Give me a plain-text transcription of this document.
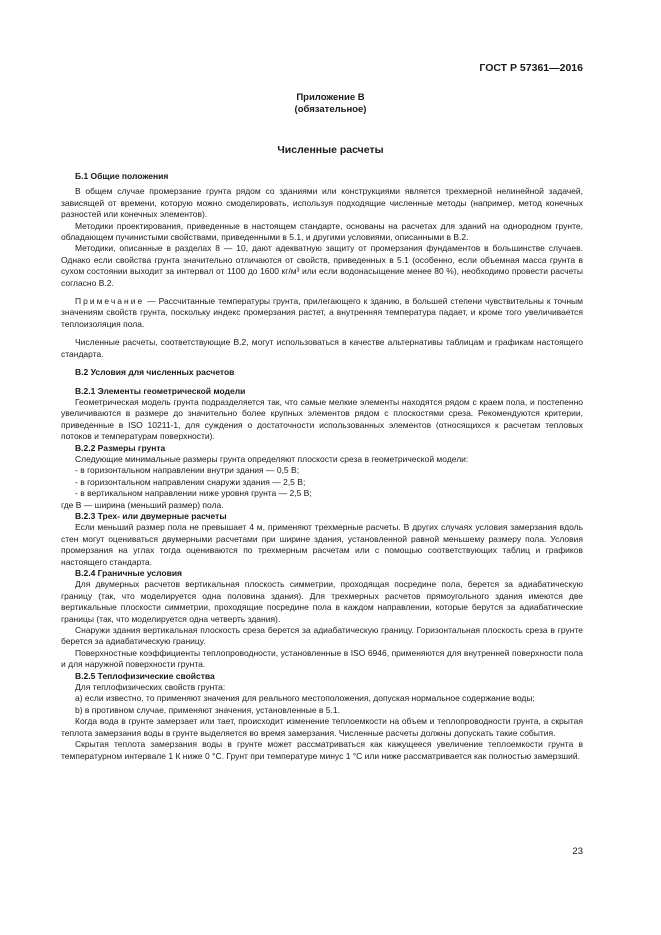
ГОСТ Р 57361—2016
Приложение В
(обязательное)
Численные расчеты

Б.1 Общие положения

В общем случае промерзание грунта рядом со зданиями или конструкциями является трехмерной нелинейной задачей, зависящей от времени, которую можно смоделировать, используя подходящие численные методы (например, метод конечных разностей или конечных элементов).

Методики проектирования, приведенные в настоящем стандарте, основаны на расчетах для зданий на однородном грунте, обладающем пучинистыми свойствами, приведенными в 5.1, и другими условиями, описанными в В.2.

Методики, описанные в разделах 8 — 10, дают адекватную защиту от промерзания фундаментов в большинстве случаев. Однако если свойства грунта значительно отличаются от свойств, приведенных в 5.1 (особенно, если объемная масса грунта в сухом состоянии выходит за интервал от 1100 до 1600 кг/м³ или если водонасыщение менее 80 %), необходимо провести расчеты согласно В.2.

Примечание — Рассчитанные температуры грунта, прилегающего к зданию, в большей степени чувствительны к точным значениям свойств грунта, поскольку индекс промерзания растет, а внутренняя температура падает, и кроме того увеличивается теплоизоляция пола.

Численные расчеты, соответствующие В.2, могут использоваться в качестве альтернативы таблицам и графикам настоящего стандарта.

В.2 Условия для численных расчетов

В.2.1 Элементы геометрической модели

Геометрическая модель грунта подразделяется так, что самые мелкие элементы находятся рядом с краем пола, и постепенно увеличиваются в размере до значительно более крупных элементов рядом с плоскостями среза. Рекомендуются критерии, приведенные в ISO 10211-1, для суждения о достаточности использованных элементов (относящихся к расчетам тепловых потоков и температурам поверхности).

В.2.2 Размеры грунта

Следующие минимальные размеры грунта определяют плоскости среза в геометрической модели:

- в горизонтальном направлении внутри здания — 0,5 B;

- в горизонтальном направлении снаружи здания — 2,5 B;

- в вертикальном направлении ниже уровня грунта — 2,5 B;

где B — ширина (меньший размер) пола.

В.2.3 Трех- или двумерные расчеты

Если меньший размер пола не превышает 4 м, применяют трехмерные расчеты. В других случаях условия замерзания вдоль стен могут оцениваться двумерными расчетами при ширине здания, установленной равной меньшему размеру пола. Условия промерзания на углах тогда оцениваются по трехмерным расчетам или с помощью соответствующих таблиц и графиков настоящего стандарта.

В.2.4 Граничные условия

Для двумерных расчетов вертикальная плоскость симметрии, проходящая посредине пола, берется за адиабатическую границу (так, что моделируется одна половина здания). Для трехмерных расчетов прямоугольного здания имеются две вертикальные плоскости симметрии, проходящие посредине пола в каждом направлении, которые берутся за адиабатические границы (так, что моделируется одна четверть здания).

Снаружи здания вертикальная плоскость среза берется за адиабатическую границу. Горизонтальная плоскость среза в грунте берется за адиабатическую границу.

Поверхностные коэффициенты теплопроводности, установленные в ISO 6946, применяются для внутренней поверхности пола и для наружной поверхности грунта.

В.2.5 Теплофизические свойства

Для теплофизических свойств грунта:

а) если известно, то применяют значения для реального местоположения, допуская нормальное содержание воды;

b) в противном случае, применяют значения, установленные в 5.1.

Когда вода в грунте замерзает или тает, происходит изменение теплоемкости на объем и теплопроводности грунта, а скрытая теплота замерзания воды в грунте выделяется во время замерзания. Численные расчеты должны допускать такие события.

Скрытая теплота замерзания воды в грунте может рассматриваться как кажущееся увеличение теплоемкости грунта в температурном интервале 1 К ниже 0 °С. Грунт при температуре минус 1 °С или ниже рассматривается как полностью замерзший.

23
